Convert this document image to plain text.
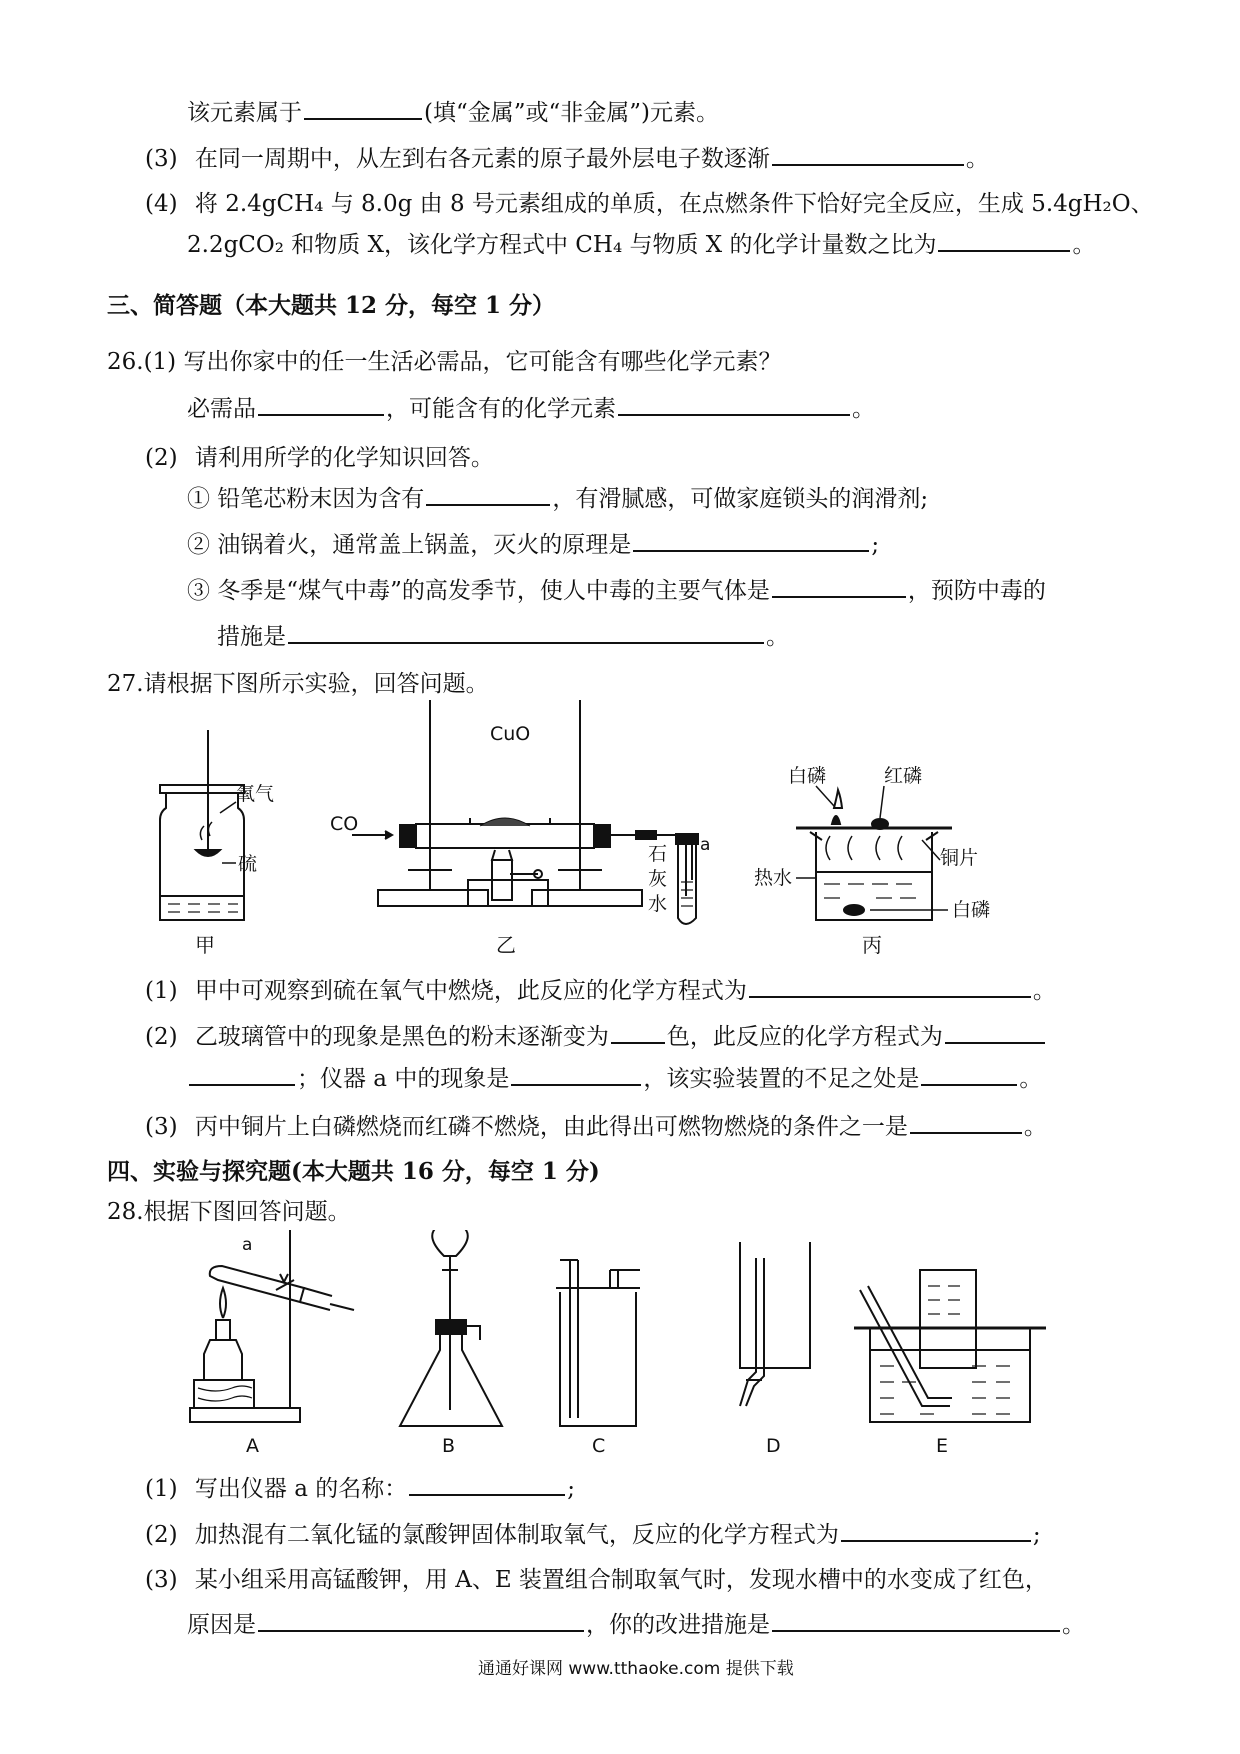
该元素属于	(填“金属”或“非金属”)元素。
(3) 在同一周期中，从左到右各元素的原子最外层电子数逐渐	。
(4) 将 2.4gCH₄ 与 8.0g 由 8 号元素组成的单质，在点燃条件下恰好完全反应，生成 5.4gH₂O、
2.2gCO₂ 和物质 X，该化学方程式中 CH₄ 与物质 X 的化学计量数之比为	。
三、简答题（本大题共 12 分，每空 1 分）
26.(1) 写出你家中的任一生活必需品，它可能含有哪些化学元素？
必需品	，可能含有的化学元素	。
(2) 请利用所学的化学知识回答。
① 铅笔芯粉末因为含有	，有滑腻感，可做家庭锁头的润滑剂;
② 油锅着火，通常盖上锅盖，灭火的原理是	;
③ 冬季是“煤气中毒”的高发季节，使人中毒的主要气体是	，预防中毒的
措施是	。
27.请根据下图所示实验，回答问题。
氧气
硫
甲
CO
CuO
石
灰
水
a
乙
白磷	红磷
铜片
热水
白磷
丙
(1) 甲中可观察到硫在氧气中燃烧，此反应的化学方程式为	。
(2) 乙玻璃管中的现象是黑色的粉末逐渐变为	色，此反应的化学方程式为
；仪器 a 中的现象是	，该实验装置的不足之处是	。
(3) 丙中铜片上白磷燃烧而红磷不燃烧，由此得出可燃物燃烧的条件之一是	。
四、实验与探究题(本大题共 16 分，每空 1 分)
28.根据下图回答问题。
a
A	B	C	D	E
(1) 写出仪器 a 的名称：	;
(2) 加热混有二氧化锰的氯酸钾固体制取氧气，反应的化学方程式为	;
(3) 某小组采用高锰酸钾，用 A、E 装置组合制取氧气时，发现水槽中的水变成了红色，
原因是	，你的改进措施是	。
通通好课网 www.tthaoke.com 提供下载
